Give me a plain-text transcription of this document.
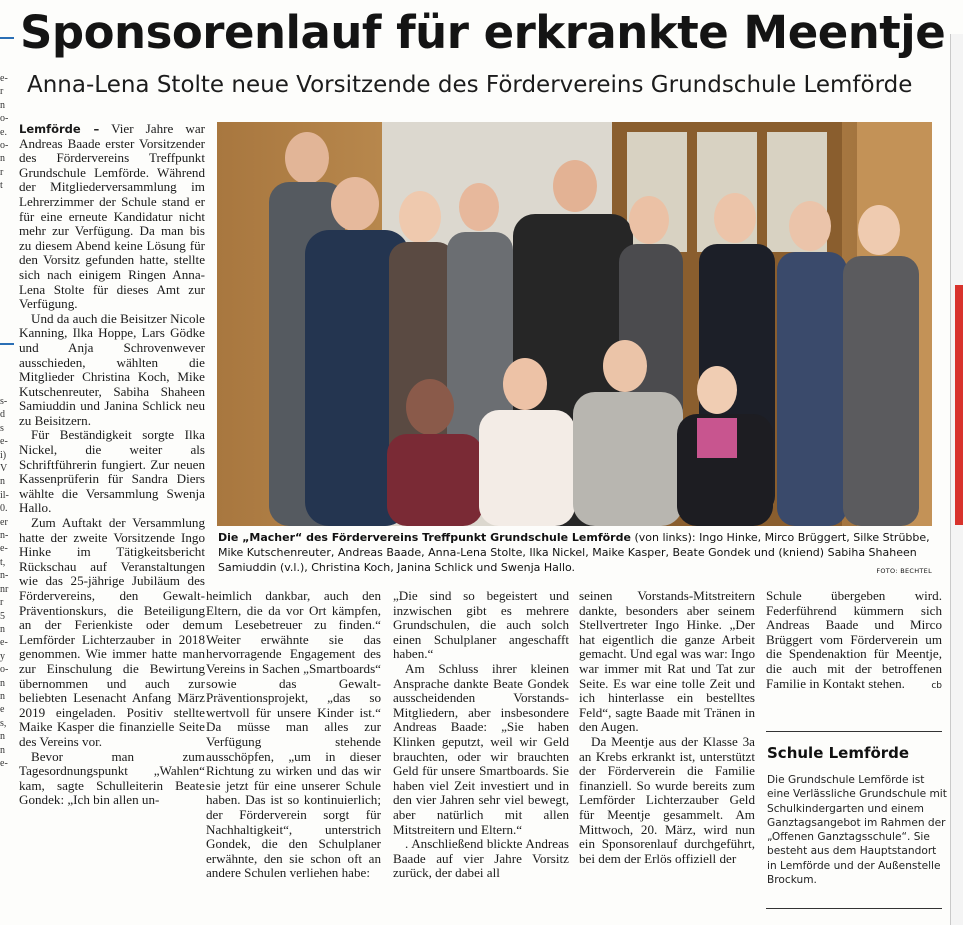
e-
r
n
o-
e.
o-
n
r
t
s-
d
s
e-
i)
V
n
il-
0.
er
n-
e-
t,
n-
nr
r
5
n
e-
y
o-
n
n
e
s,
n
n
e-
Sponsorenlauf für erkrankte Meentje
Anna-Lena Stolte neue Vorsitzende des Fördervereins Grundschule Lemförde

Lemförde – Vier Jahre war Andreas Baade erster Vorsitzender des Fördervereins Treffpunkt Grundschule Lemförde. Während der Mitgliederversammlung im Lehrerzimmer der Schule stand er für eine erneute Kandidatur nicht mehr zur Verfügung. Da man bis zu diesem Abend keine Lösung für den Vorsitz gefunden hatte, stellte sich nach einigem Ringen Anna-Lena Stolte für dieses Amt zur Verfügung.

Und da auch die Beisitzer Nicole Kanning, Ilka Hoppe, Lars Gödke und Anja Schrovenwever ausschieden, wählten die Mitglieder Christina Koch, Mike Kutschenreuter, Sabiha Shaheen Samiuddin und Janina Schlick neu zu Beisitzern.

Für Beständigkeit sorgte Ilka Nickel, die weiter als Schriftführerin fungiert. Zur neuen Kassenprüferin für Sandra Diers wählte die Versammlung Swenja Hallo.

Zum Auftakt der Versammlung hatte der zweite Vorsitzende Ingo Hinke im Tätigkeitsbericht Rückschau auf Veranstaltungen wie das 25-jährige Jubiläum des Fördervereins, den Gewalt-Präventionskurs, die Beteiligung an der Ferienkiste oder dem Lemförder Lichterzauber in 2018 genommen. Wie immer hatte man zur Einschulung die Bewirtung übernommen und auch zur beliebten Lesenacht Anfang März 2019 eingeladen. Positiv stellte Maike Kasper die finanzielle Seite des Vereins vor.

Bevor man zum Tagesordnungspunkt „Wahlen“ kam, sagte Schulleiterin Beate Gondek: „Ich bin allen un-

Die „Macher“ des Fördervereins Treffpunkt Grundschule Lemförde (von links): Ingo Hinke, Mirco Brüggert, Silke Strübbe, Mike Kutschenreuter, Andreas Baade, Anna-Lena Stolte, Ilka Nickel, Maike Kasper, Beate Gondek und (kniend) Sabiha Shaheen Samiuddin (v.l.), Christina Koch, Janina Schlick und Swenja Hallo.	FOTO: BECHTEL

heimlich dankbar, auch den Eltern, die da vor Ort kämpfen, um Lesebetreuer zu finden.“ Weiter erwähnte sie das hervorragende Engagement des Vereins in Sachen „Smartboards“ sowie das Gewalt-Präventionsprojekt, „das so wertvoll für unsere Kinder ist.“ Da müsse man alles zur Verfügung stehende ausschöpfen, „um in dieser Richtung zu wirken und das wir sie jetzt für eine unserer Schule haben. Das ist so kontinuierlich; der Förderverein sorgt für Nachhaltigkeit“, unterstrich Gondek, die den Schulplaner erwähnte, den sie schon oft an andere Schulen verliehen habe:

„Die sind so begeistert und inzwischen gibt es mehrere Grundschulen, die auch solch einen Schulplaner angeschafft haben.“

Am Schluss ihrer kleinen Ansprache dankte Beate Gondek ausscheidenden Vorstands-Mitgliedern, aber insbesondere Andreas Baade: „Sie haben Klinken geputzt, weil wir Geld brauchten, oder wir brauchten Geld für unsere Smartboards. Sie haben viel Zeit investiert und in den vier Jahren sehr viel bewegt, aber natürlich mit allen Mitstreitern und Eltern.“

. Anschließend blickte Andreas Baade auf vier Jahre Vorsitz zurück, der dabei all

seinen Vorstands-Mitstreitern dankte, besonders aber seinem Stellvertreter Ingo Hinke. „Der hat eigentlich die ganze Arbeit gemacht. Und egal was war: Ingo war immer mit Rat und Tat zur Seite. Es war eine tolle Zeit und ich hinterlasse ein bestelltes Feld“, sagte Baade mit Tränen in den Augen.

Da Meentje aus der Klasse 3a an Krebs erkrankt ist, unterstützt der Förderverein die Familie finanziell. So wurde bereits zum Lemförder Lichterzauber Geld für Meentje gesammelt. Am Mittwoch, 20. März, wird nun ein Sponsorenlauf durchgeführt, bei dem der Erlös offiziell der

Schule übergeben wird. Federführend kümmern sich Andreas Baade und Mirco Brüggert vom Förderverein um die Spendenaktion für Meentje, die auch mit der betroffenen Familie in Kontakt stehen.	cb

Schule Lemförde
Die Grundschule Lemförde ist eine Verlässliche Grundschule mit Schulkindergarten und einem Ganztagsangebot im Rahmen der „Offenen Ganztagsschule“. Sie besteht aus dem Hauptstandort in Lemförde und der Außenstelle Brockum.
